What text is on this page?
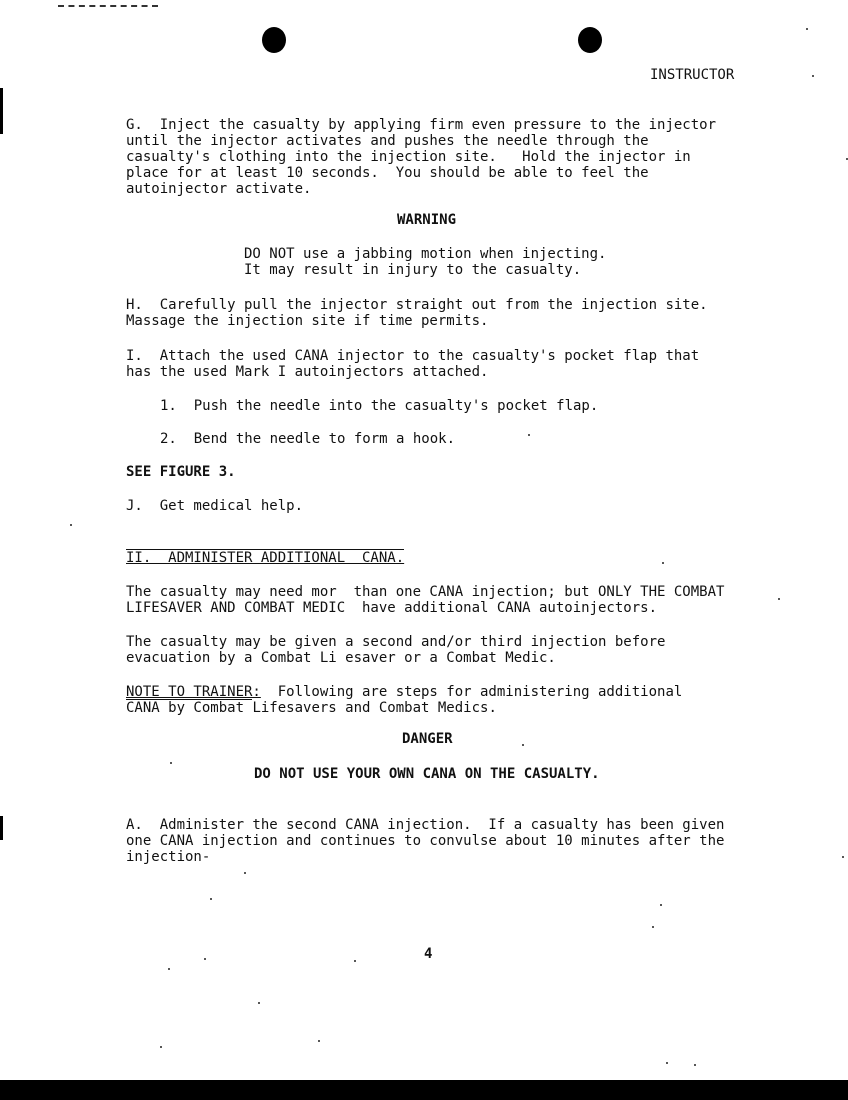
INSTRUCTOR
G.  Inject the casualty by applying firm even pressure to the injector
until the injector activates and pushes the needle through the
casualty's clothing into the injection site.   Hold the injector in
place for at least 10 seconds.  You should be able to feel the
autoinjector activate.
WARNING
DO NOT use a jabbing motion when injecting.
It may result in injury to the casualty.
H.  Carefully pull the injector straight out from the injection site.
Massage the injection site if time permits.
I.  Attach the used CANA injector to the casualty's pocket flap that
has the used Mark I autoinjectors attached.
1.  Push the needle into the casualty's pocket flap.
2.  Bend the needle to form a hook.
SEE FIGURE 3.
J.  Get medical help.
II.  ADMINISTER ADDITIONAL  CANA.
The casualty may need mor  than one CANA injection; but ONLY THE COMBAT
LIFESAVER AND COMBAT MEDIC  have additional CANA autoinjectors.
The casualty may be given a second and/or third injection before
evacuation by a Combat Li esaver or a Combat Medic.
NOTE TO TRAINER:  Following are steps for administering additional
CANA by Combat Lifesavers and Combat Medics.
DANGER
DO NOT USE YOUR OWN CANA ON THE CASUALTY.
A.  Administer the second CANA injection.  If a casualty has been given
one CANA injection and continues to convulse about 10 minutes after the
injection-
4
